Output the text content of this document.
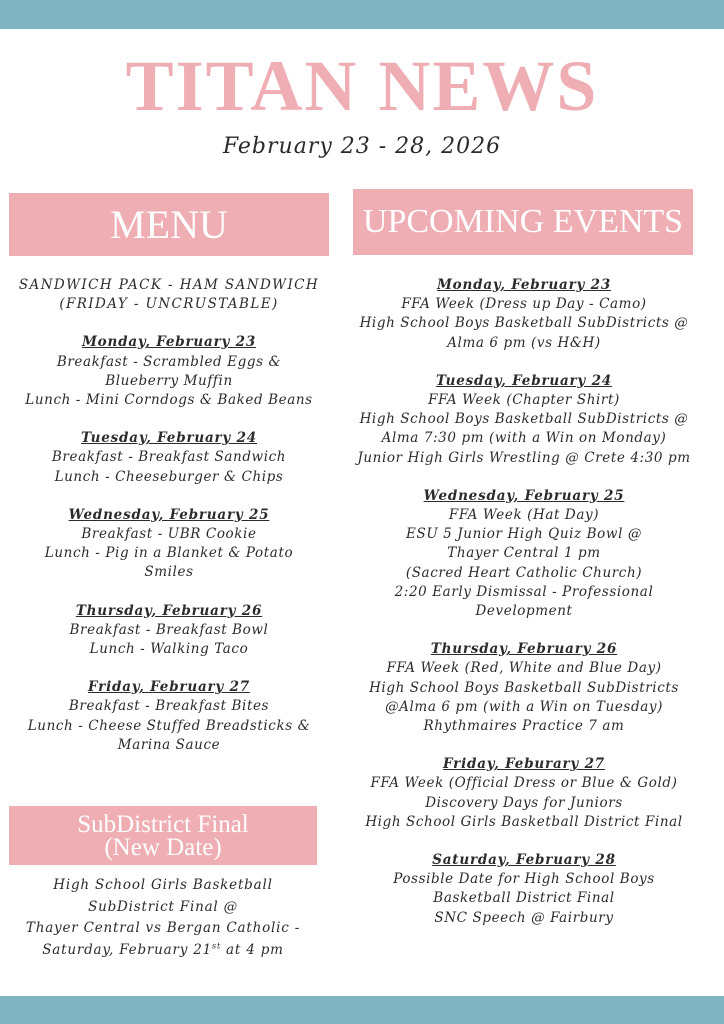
TITAN NEWS
February 23 - 28, 2026
MENU	UPCOMING EVENTS
SANDWICH PACK - HAM SANDWICH
(FRIDAY - UNCRUSTABLE)
Monday, February 23
Breakfast - Scrambled Eggs &
Blueberry Muffin
Lunch - Mini Corndogs & Baked Beans
Tuesday, February 24
Breakfast - Breakfast Sandwich
Lunch - Cheeseburger & Chips
Wednesday, February 25
Breakfast - UBR Cookie
Lunch - Pig in a Blanket & Potato
Smiles
Thursday, February 26
Breakfast - Breakfast Bowl
Lunch - Walking Taco
Friday, February 27
Breakfast - Breakfast Bites
Lunch - Cheese Stuffed Breadsticks &
Marina Sauce
Monday, February 23
FFA Week (Dress up Day - Camo)
High School Boys Basketball SubDistricts @
Alma 6 pm (vs H&H)
Tuesday, February 24
FFA Week (Chapter Shirt)
High School Boys Basketball SubDistricts @
Alma 7:30 pm (with a Win on Monday)
Junior High Girls Wrestling @ Crete 4:30 pm
Wednesday, February 25
FFA Week (Hat Day)
ESU 5 Junior High Quiz Bowl @
Thayer Central 1 pm
(Sacred Heart Catholic Church)
2:20 Early Dismissal - Professional
Development
Thursday, February 26
FFA Week (Red, White and Blue Day)
High School Boys Basketball SubDistricts
@Alma 6 pm (with a Win on Tuesday)
Rhythmaires Practice 7 am
Friday, Feburary 27
FFA Week (Official Dress or Blue & Gold)
Discovery Days for Juniors
High School Girls Basketball District Final
Saturday, February 28
Possible Date for High School Boys
Basketball District Final
SNC Speech @ Fairbury
SubDistrict Final
(New Date)
High School Girls Basketball
SubDistrict Final @
Thayer Central vs Bergan Catholic -
Saturday, February 21st at 4 pm
